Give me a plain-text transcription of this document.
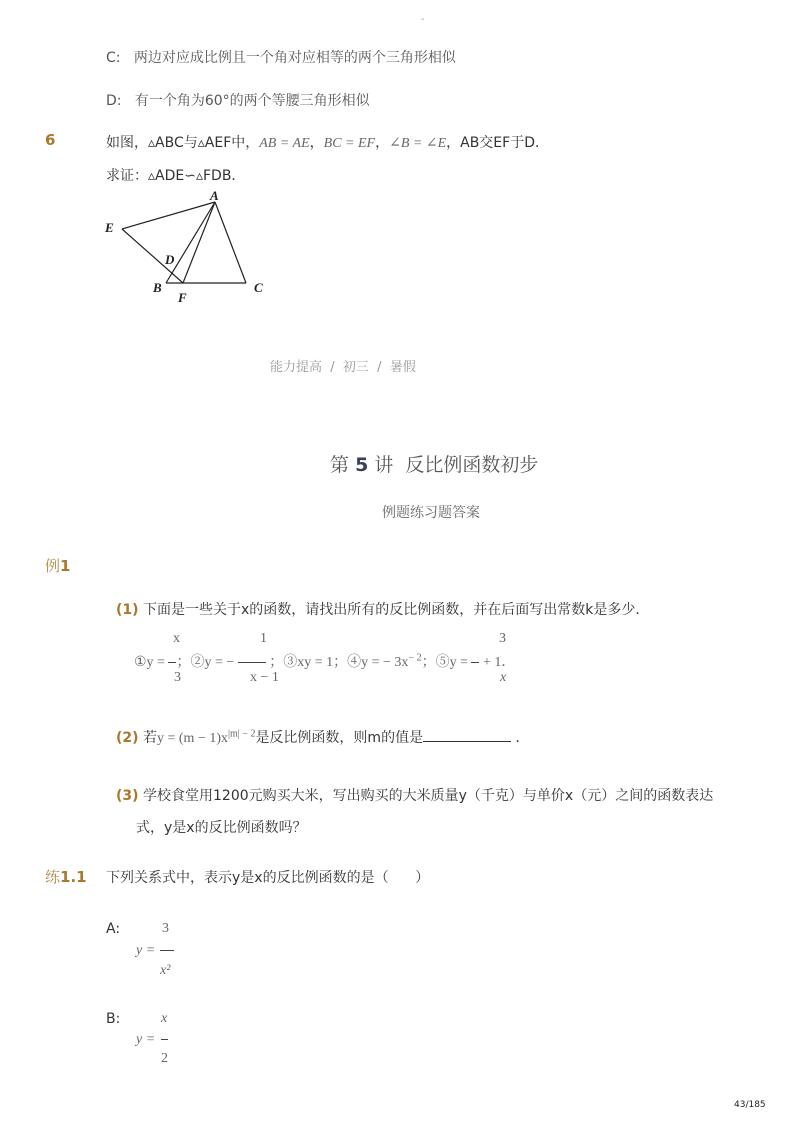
-
C: 两边对应成比例且一个角对应相等的两个三角形相似
D: 有一个角为60°的两个等腰三角形相似
6	如图，▵ABC与▵AEF中，AB = AE，BC = EF，∠B = ∠E，AB交EF于D．
求证：▵ADE∽▵FDB．
A
E
D
B
F
C
能力提高  /  初三  /  暑假
第 5 讲  反比例函数初步
例题练习题答案
例1
(1) 下面是一些关于x的函数，请找出所有的反比例函数，并在后面写出常数k是多少．
x
3
1
x − 1
3
x
①y = ；②y = −	；③xy = 1；④y = − $3x^{- 2}$；⑤y =  + 1．
(2) 若$y = (m - 1)x^{|m| - 2}$是反比例函数，则m的值是	．
(3) 学校食堂用1200元购买大米，写出购买的大米质量y（千克）与单价x（元）之间的函数表达
式，y是x的反比例函数吗？
练1.1 下列关系式中，表示y是x的反比例函数的是（      ）
A:	3
y =
x²
B:	x
y =
2
43/185
